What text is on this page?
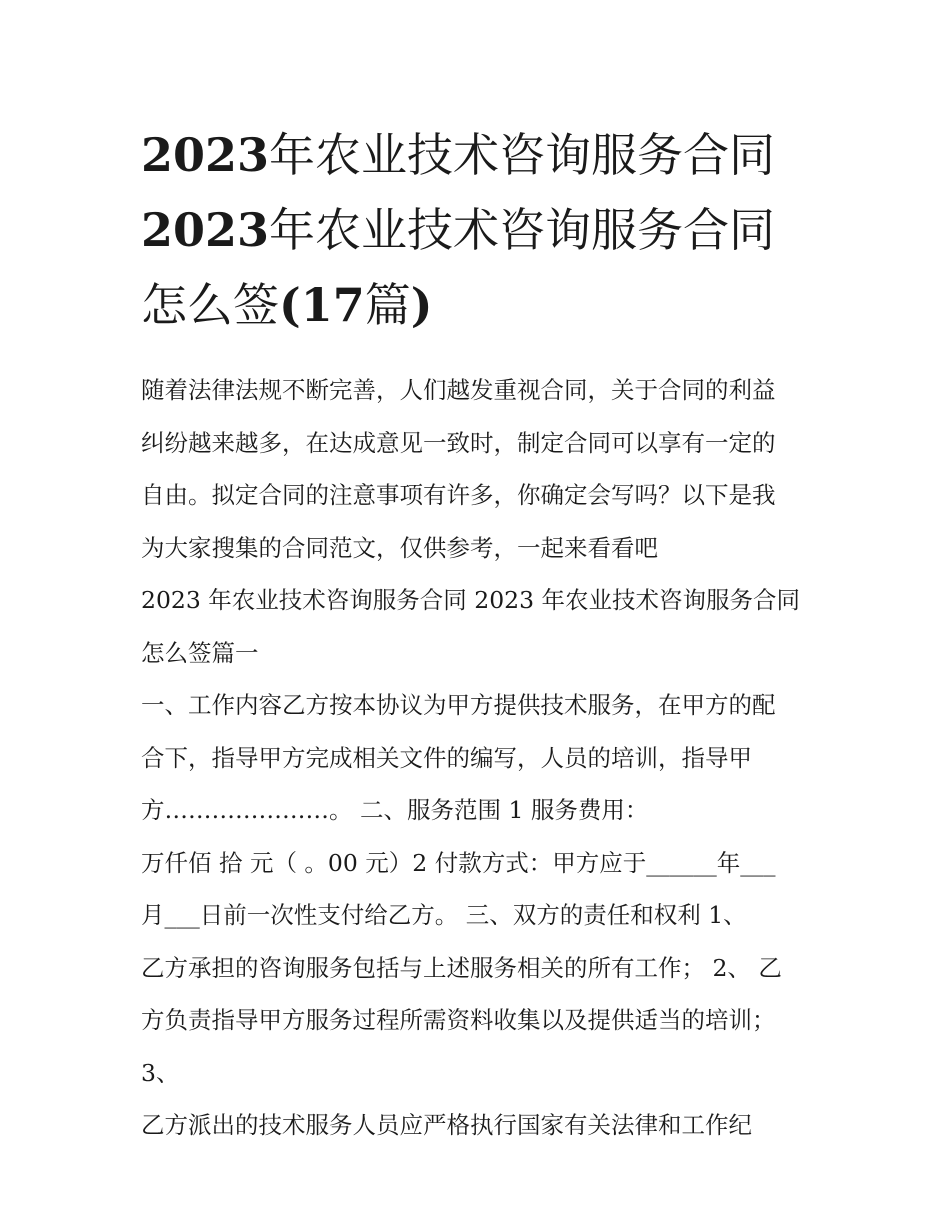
2023年农业技术咨询服务合同
2023年农业技术咨询服务合同
怎么签(17篇)
随着法律法规不断完善，人们越发重视合同，关于合同的利益
纠纷越来越多，在达成意见一致时，制定合同可以享有一定的
自由。拟定合同的注意事项有许多，你确定会写吗？以下是我
为大家搜集的合同范文，仅供参考，一起来看看吧
2023 年农业技术咨询服务合同 2023 年农业技术咨询服务合同
怎么签篇一
一、工作内容乙方按本协议为甲方提供技术服务，在甲方的配
合下，指导甲方完成相关文件的编写，人员的培训，指导甲
方…………………。 二、服务范围 1 服务费用：
万仟佰 拾 元（ 。00 元）2 付款方式：甲方应于______年___
月___日前一次性支付给乙方。 三、双方的责任和权利 1、
乙方承担的咨询服务包括与上述服务相关的所有工作； 2、 乙
方负责指导甲方服务过程所需资料收集以及提供适当的培训；
3、
乙方派出的技术服务人员应严格执行国家有关法律和工作纪
